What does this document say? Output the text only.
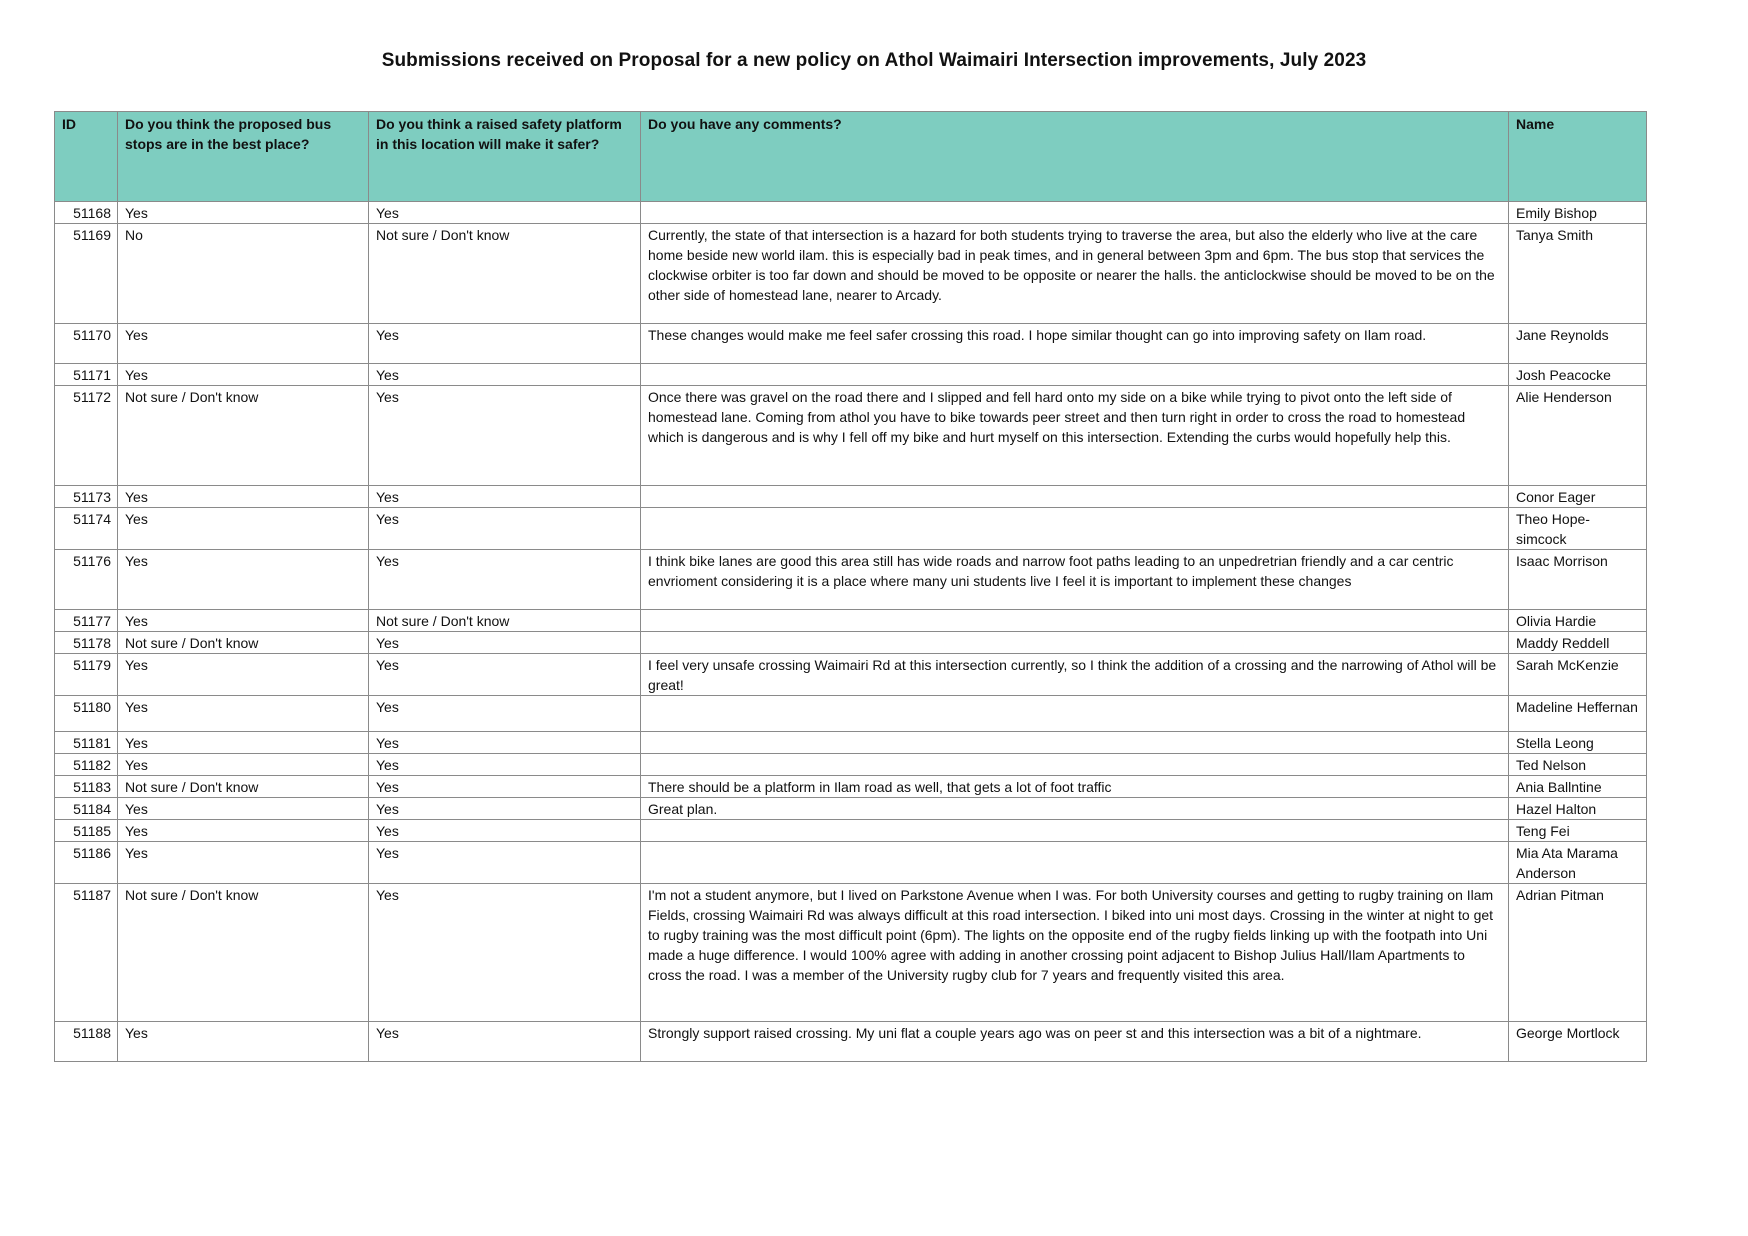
Submissions received on Proposal for a new policy on Athol Waimairi Intersection improvements, July 2023
ID	Do you think the proposed bus stops are in the best place?	Do you think a raised safety platform in this location will make it safer?	Do you have any comments?	Name
51168	Yes	Yes		Emily Bishop
51169	No	Not sure / Don't know	Currently, the state of that intersection is a hazard for both students trying to traverse the area, but also the elderly who live at the care home beside new world ilam. this is especially bad in peak times, and in general between 3pm and 6pm. The bus stop that services the clockwise orbiter is too far down and should be moved to be opposite or nearer the halls. the anticlockwise should be moved to be on the other side of homestead lane, nearer to Arcady.	Tanya Smith
51170	Yes	Yes	These changes would make me feel safer crossing this road. I hope similar thought can go into improving safety on Ilam road.	Jane Reynolds
51171	Yes	Yes		Josh Peacocke
51172	Not sure / Don't know	Yes	Once there was gravel on the road there and I slipped and fell hard onto my side on a bike while trying to pivot onto the left side of homestead lane. Coming from athol you have to bike towards peer street and then turn right in order to cross the road to homestead which is dangerous and is why I fell off my bike and hurt myself on this intersection. Extending the curbs would hopefully help this.	Alie Henderson
51173	Yes	Yes		Conor Eager
51174	Yes	Yes		Theo Hope-simcock
51176	Yes	Yes	I think bike lanes are good this area still has wide roads and narrow foot paths leading to an unpedretrian friendly and a car centric envrioment considering it is a place where many uni students live I feel it is important to implement these changes	Isaac Morrison
51177	Yes	Not sure / Don't know		Olivia Hardie
51178	Not sure / Don't know	Yes		Maddy Reddell
51179	Yes	Yes	I feel very unsafe crossing Waimairi Rd at this intersection currently, so I think the addition of a crossing and the narrowing of Athol will be great!	Sarah McKenzie
51180	Yes	Yes		Madeline Heffernan
51181	Yes	Yes		Stella Leong
51182	Yes	Yes		Ted Nelson
51183	Not sure / Don't know	Yes	There should be a platform in Ilam road as well, that gets a lot of foot traffic	Ania Ballntine
51184	Yes	Yes	Great plan.	Hazel Halton
51185	Yes	Yes		Teng Fei
51186	Yes	Yes		Mia Ata Marama Anderson
51187	Not sure / Don't know	Yes	I'm not a student anymore, but I lived on Parkstone Avenue when I was. For both University courses and getting to rugby training on Ilam Fields, crossing Waimairi Rd was always difficult at this road intersection. I biked into uni most days. Crossing in the winter at night to get to rugby training was the most difficult point (6pm). The lights on the opposite end of the rugby fields linking up with the footpath into Uni made a huge difference. I would 100% agree with adding in another crossing point adjacent to Bishop Julius Hall/Ilam Apartments to cross the road. I was a member of the University rugby club for 7 years and frequently visited this area.	Adrian Pitman
51188	Yes	Yes	Strongly support raised crossing. My uni flat a couple years ago was on peer st and this intersection was a bit of a nightmare.	George Mortlock
